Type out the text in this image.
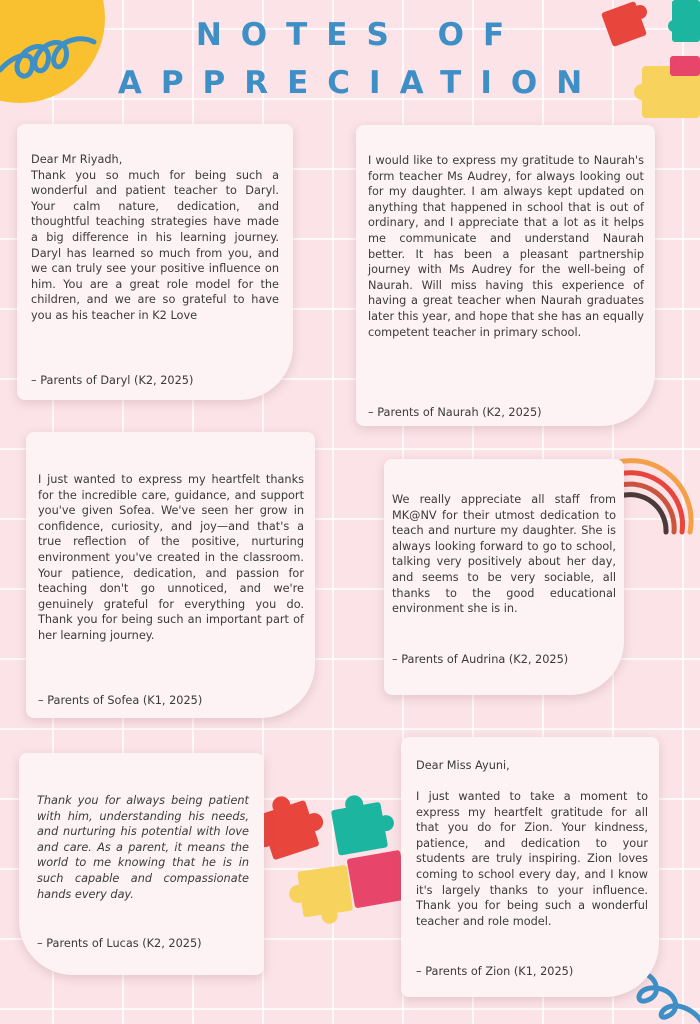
NOTES OF
APPRECIATION
Dear Mr Riyadh,
Thank you so much for being such a wonderful and patient teacher to Daryl. Your calm nature, dedication, and thoughtful teaching strategies have made a big difference in his learning journey. Daryl has learned so much from you, and we can truly see your positive influence on him. You are a great role model for the children, and we are so grateful to have you as his teacher in K2 Love
– Parents of Daryl (K2, 2025)
I would like to express my gratitude to Naurah's form teacher Ms Audrey, for always looking out for my daughter. I am always kept updated on anything that happened in school that is out of ordinary, and I appreciate that a lot as it helps me communicate and understand Naurah better. It has been a pleasant partnership journey with Ms Audrey for the well-being of Naurah. Will miss having this experience of having a great teacher when Naurah graduates later this year, and hope that she has an equally competent teacher in primary school.
– Parents of Naurah (K2, 2025)
I just wanted to express my heartfelt thanks for the incredible care, guidance, and support you've given Sofea. We've seen her grow in confidence, curiosity, and joy—and that's a true reflection of the positive, nurturing environment you've created in the classroom. Your patience, dedication, and passion for teaching don't go unnoticed, and we're genuinely grateful for everything you do. Thank you for being such an important part of her learning journey.
– Parents of Sofea (K1, 2025)
We really appreciate all staff from MK@NV for their utmost dedication to teach and nurture my daughter. She is always looking forward to go to school, talking very positively about her day, and seems to be very sociable, all thanks to the good educational environment she is in.
– Parents of Audrina (K2, 2025)
Thank you for always being patient with him, understanding his needs, and nurturing his potential with love and care. As a parent, it means the world to me knowing that he is in such capable and compassionate hands every day.
– Parents of Lucas (K2, 2025)
Dear Miss Ayuni,
I just wanted to take a moment to express my heartfelt gratitude for all that you do for Zion. Your kindness, patience, and dedication to your students are truly inspiring. Zion loves coming to school every day, and I know it's largely thanks to your influence. Thank you for being such a wonderful teacher and role model.
– Parents of Zion (K1, 2025)
